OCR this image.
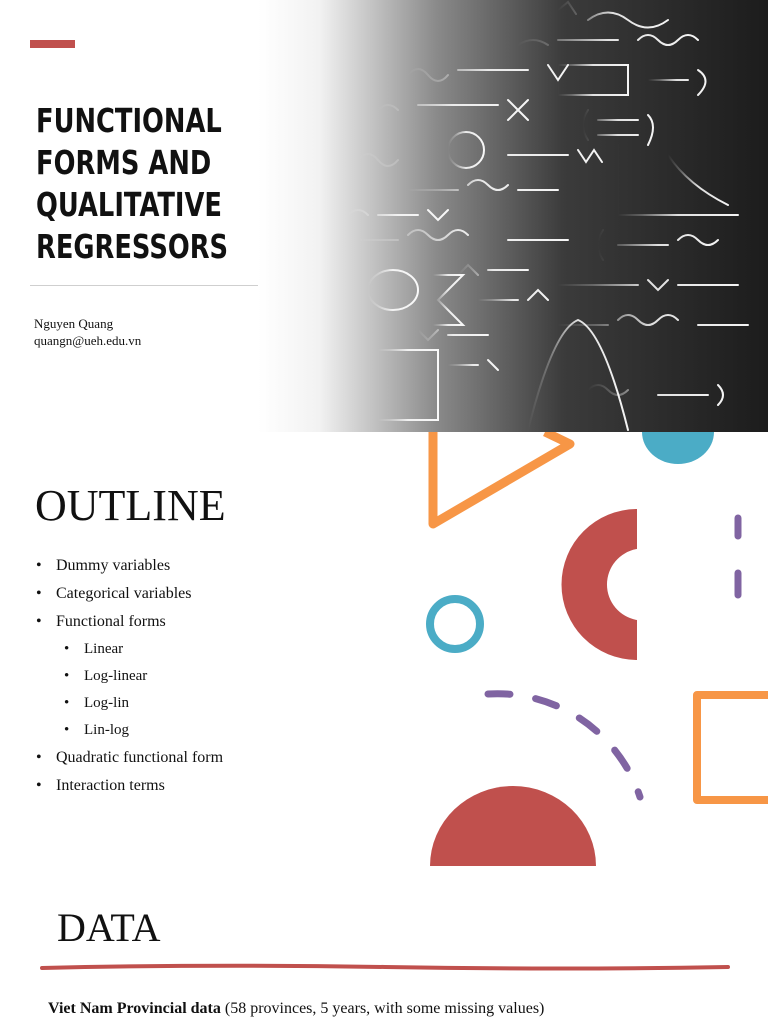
FUNCTIONAL
FORMS AND
QUALITATIVE
REGRESSORS
Nguyen Quang
quangn@ueh.edu.vn
OUTLINE
• Dummy variables
• Categorical variables
• Functional forms
• Linear
• Log-linear
• Log-lin
• Lin-log
• Quadratic functional form
• Interaction terms
DATA
Viet Nam Provincial data (58 provinces, 5 years, with some missing values)
